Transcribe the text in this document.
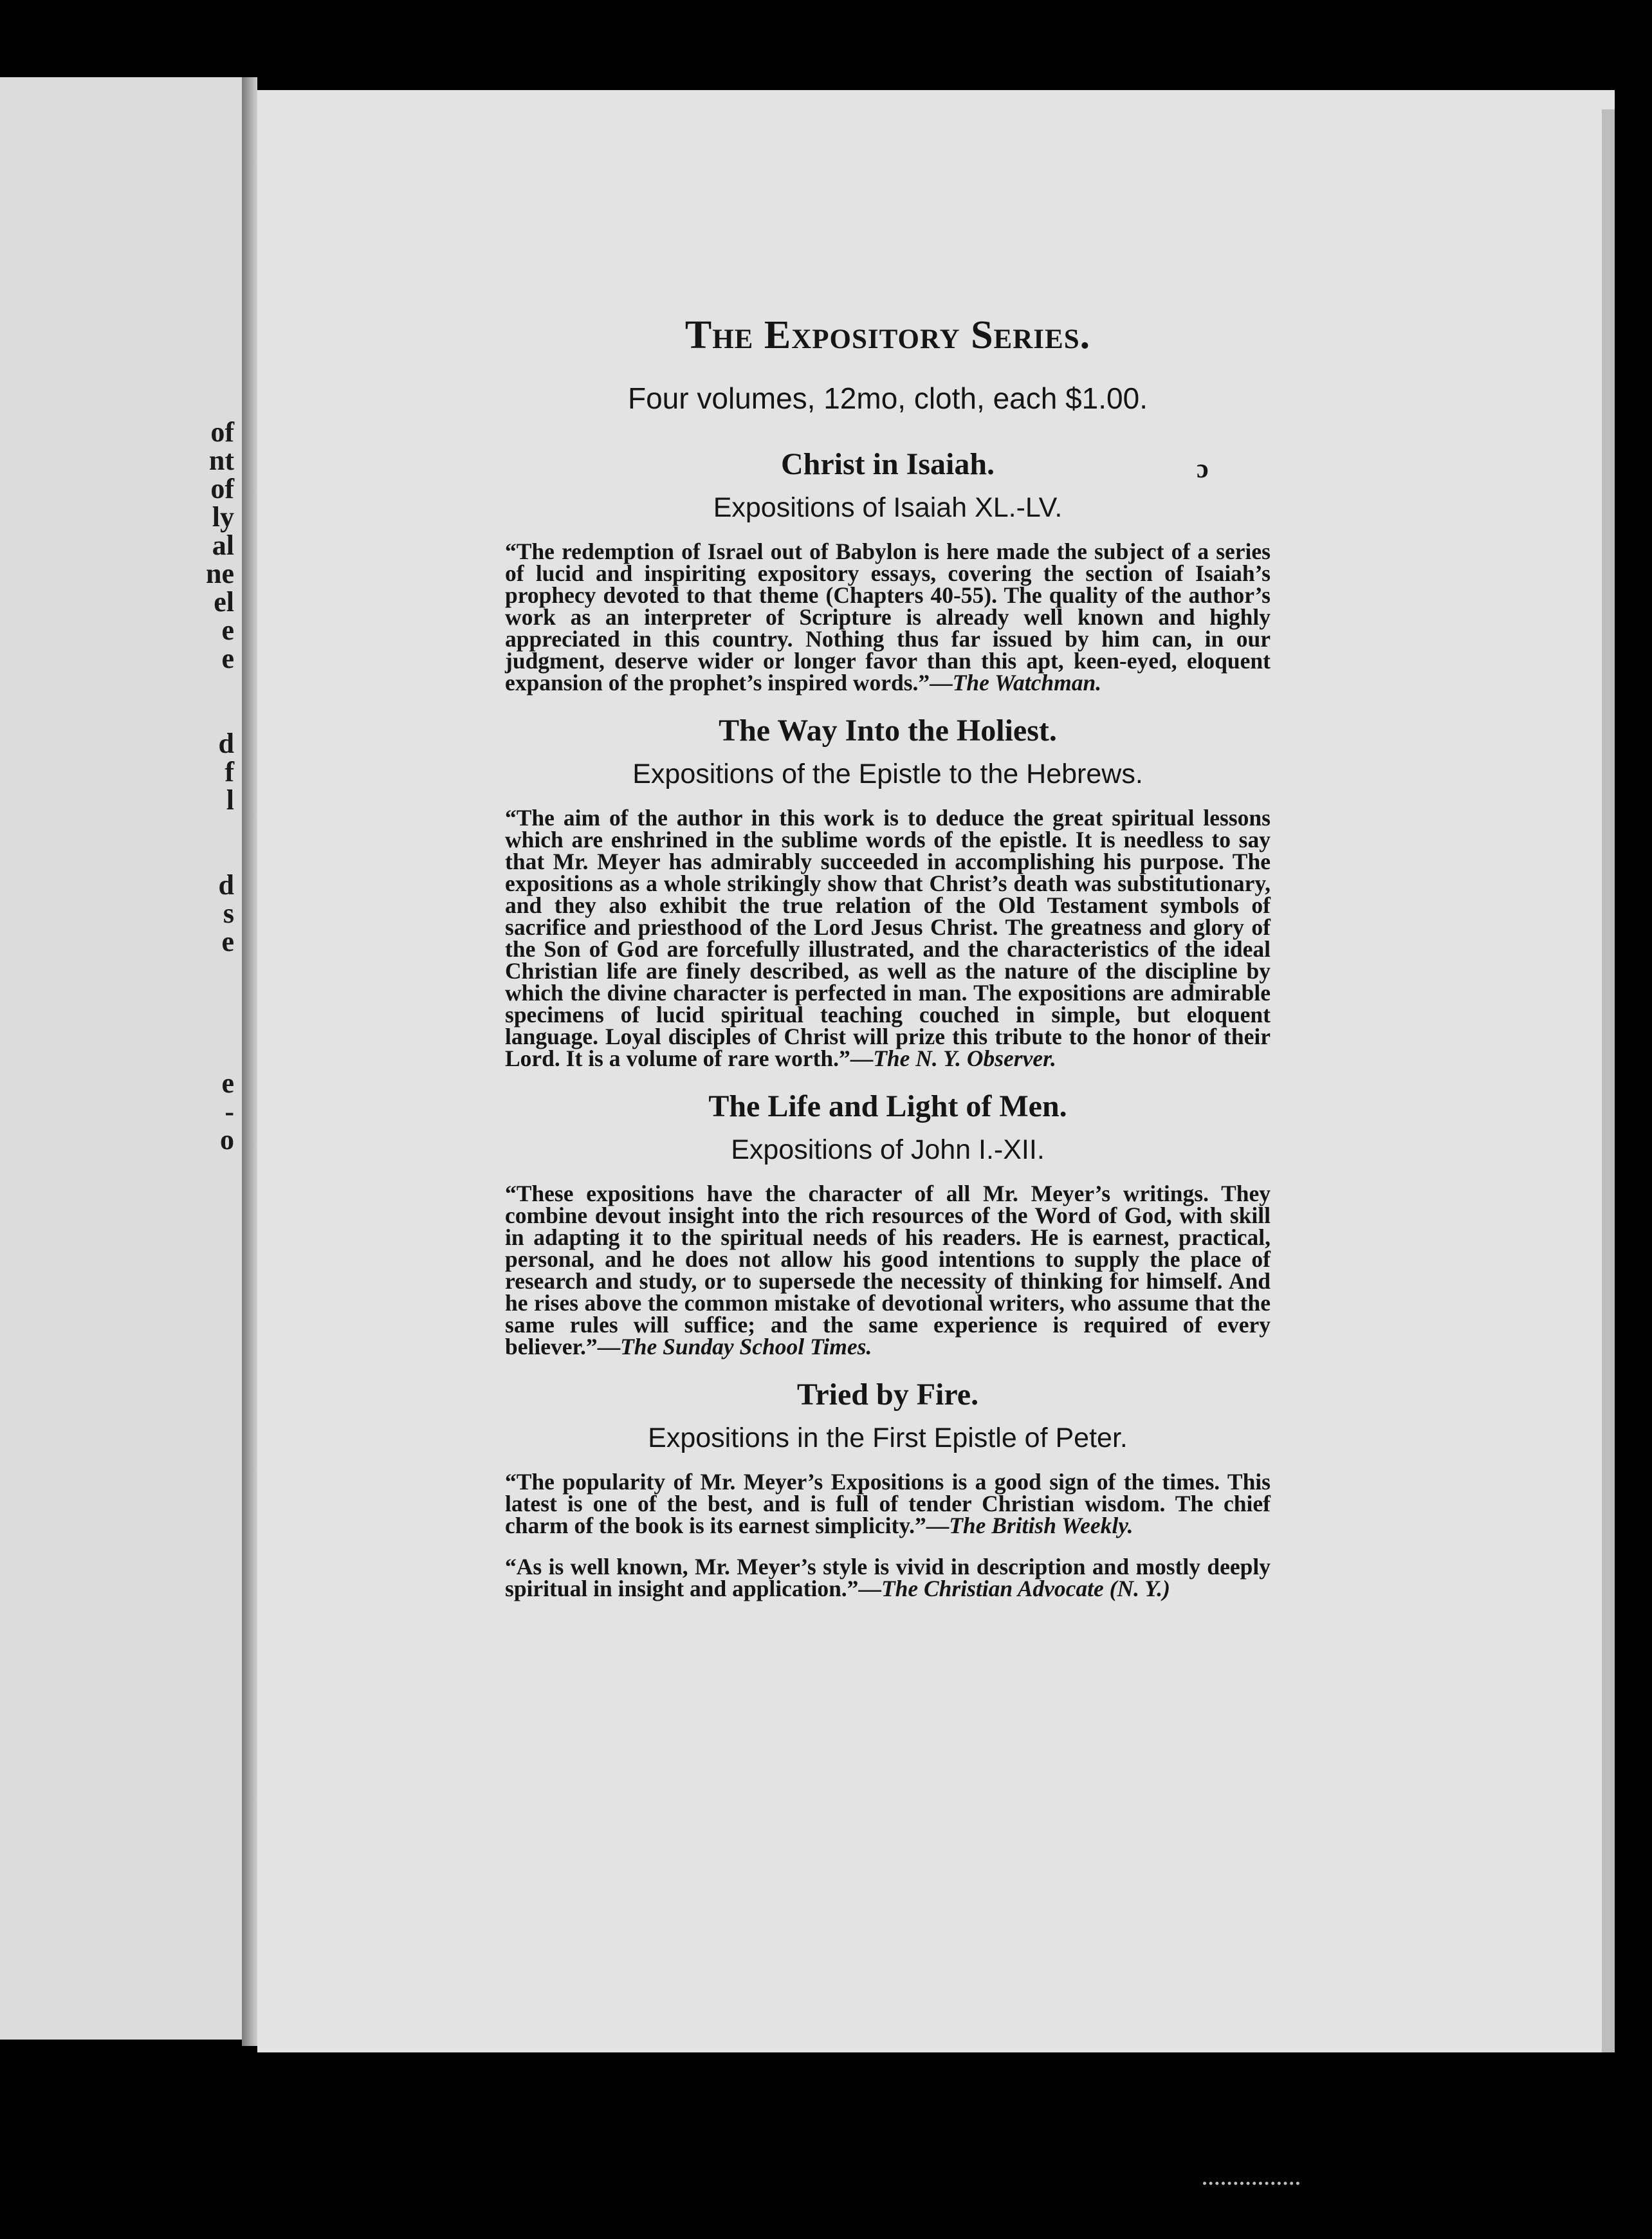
of
nt
of
ly
al
ne
el
e
e

d
f
l

d
s
e

e
-
o
ɔ
The Expository Series.
Four volumes, 12mo, cloth, each $1.00.
Christ in Isaiah.
Expositions of Isaiah XL.-LV.

“The redemption of Israel out of Babylon is here made the subject of a series of lucid and inspiriting expository essays, covering the section of Isaiah’s prophecy devoted to that theme (Chapters 40-55). The quality of the author’s work as an interpreter of Scripture is already well known and highly appreciated in this country. Nothing thus far issued by him can, in our judgment, deserve wider or longer favor than this apt, keen-eyed, eloquent expansion of the prophet’s inspired words.”—The Watchman.

The Way Into the Holiest.
Expositions of the Epistle to the Hebrews.

“The aim of the author in this work is to deduce the great spiritual lessons which are enshrined in the sublime words of the epistle. It is needless to say that Mr. Meyer has admirably succeeded in accomplishing his purpose. The expositions as a whole strikingly show that Christ’s death was substitutionary, and they also exhibit the true relation of the Old Testament symbols of sacrifice and priesthood of the Lord Jesus Christ. The greatness and glory of the Son of God are forcefully illustrated, and the characteristics of the ideal Christian life are finely described, as well as the nature of the discipline by which the divine character is perfected in man. The expositions are admirable specimens of lucid spiritual teaching couched in simple, but eloquent language. Loyal disciples of Christ will prize this tribute to the honor of their Lord. It is a volume of rare worth.”—The N. Y. Observer.

The Life and Light of Men.
Expositions of John I.-XII.

“These expositions have the character of all Mr. Meyer’s writings. They combine devout insight into the rich resources of the Word of God, with skill in adapting it to the spiritual needs of his readers. He is earnest, practical, personal, and he does not allow his good intentions to supply the place of research and study, or to supersede the necessity of thinking for himself. And he rises above the common mistake of devotional writers, who assume that the same rules will suffice; and the same experience is required of every believer.”—The Sunday School Times.

Tried by Fire.
Expositions in the First Epistle of Peter.

“The popularity of Mr. Meyer’s Expositions is a good sign of the times. This latest is one of the best, and is full of tender Christian wisdom. The chief charm of the book is its earnest simplicity.”—The British Weekly.

“As is well known, Mr. Meyer’s style is vivid in description and mostly deeply spiritual in insight and application.”—The Christian Advocate (N. Y.)
